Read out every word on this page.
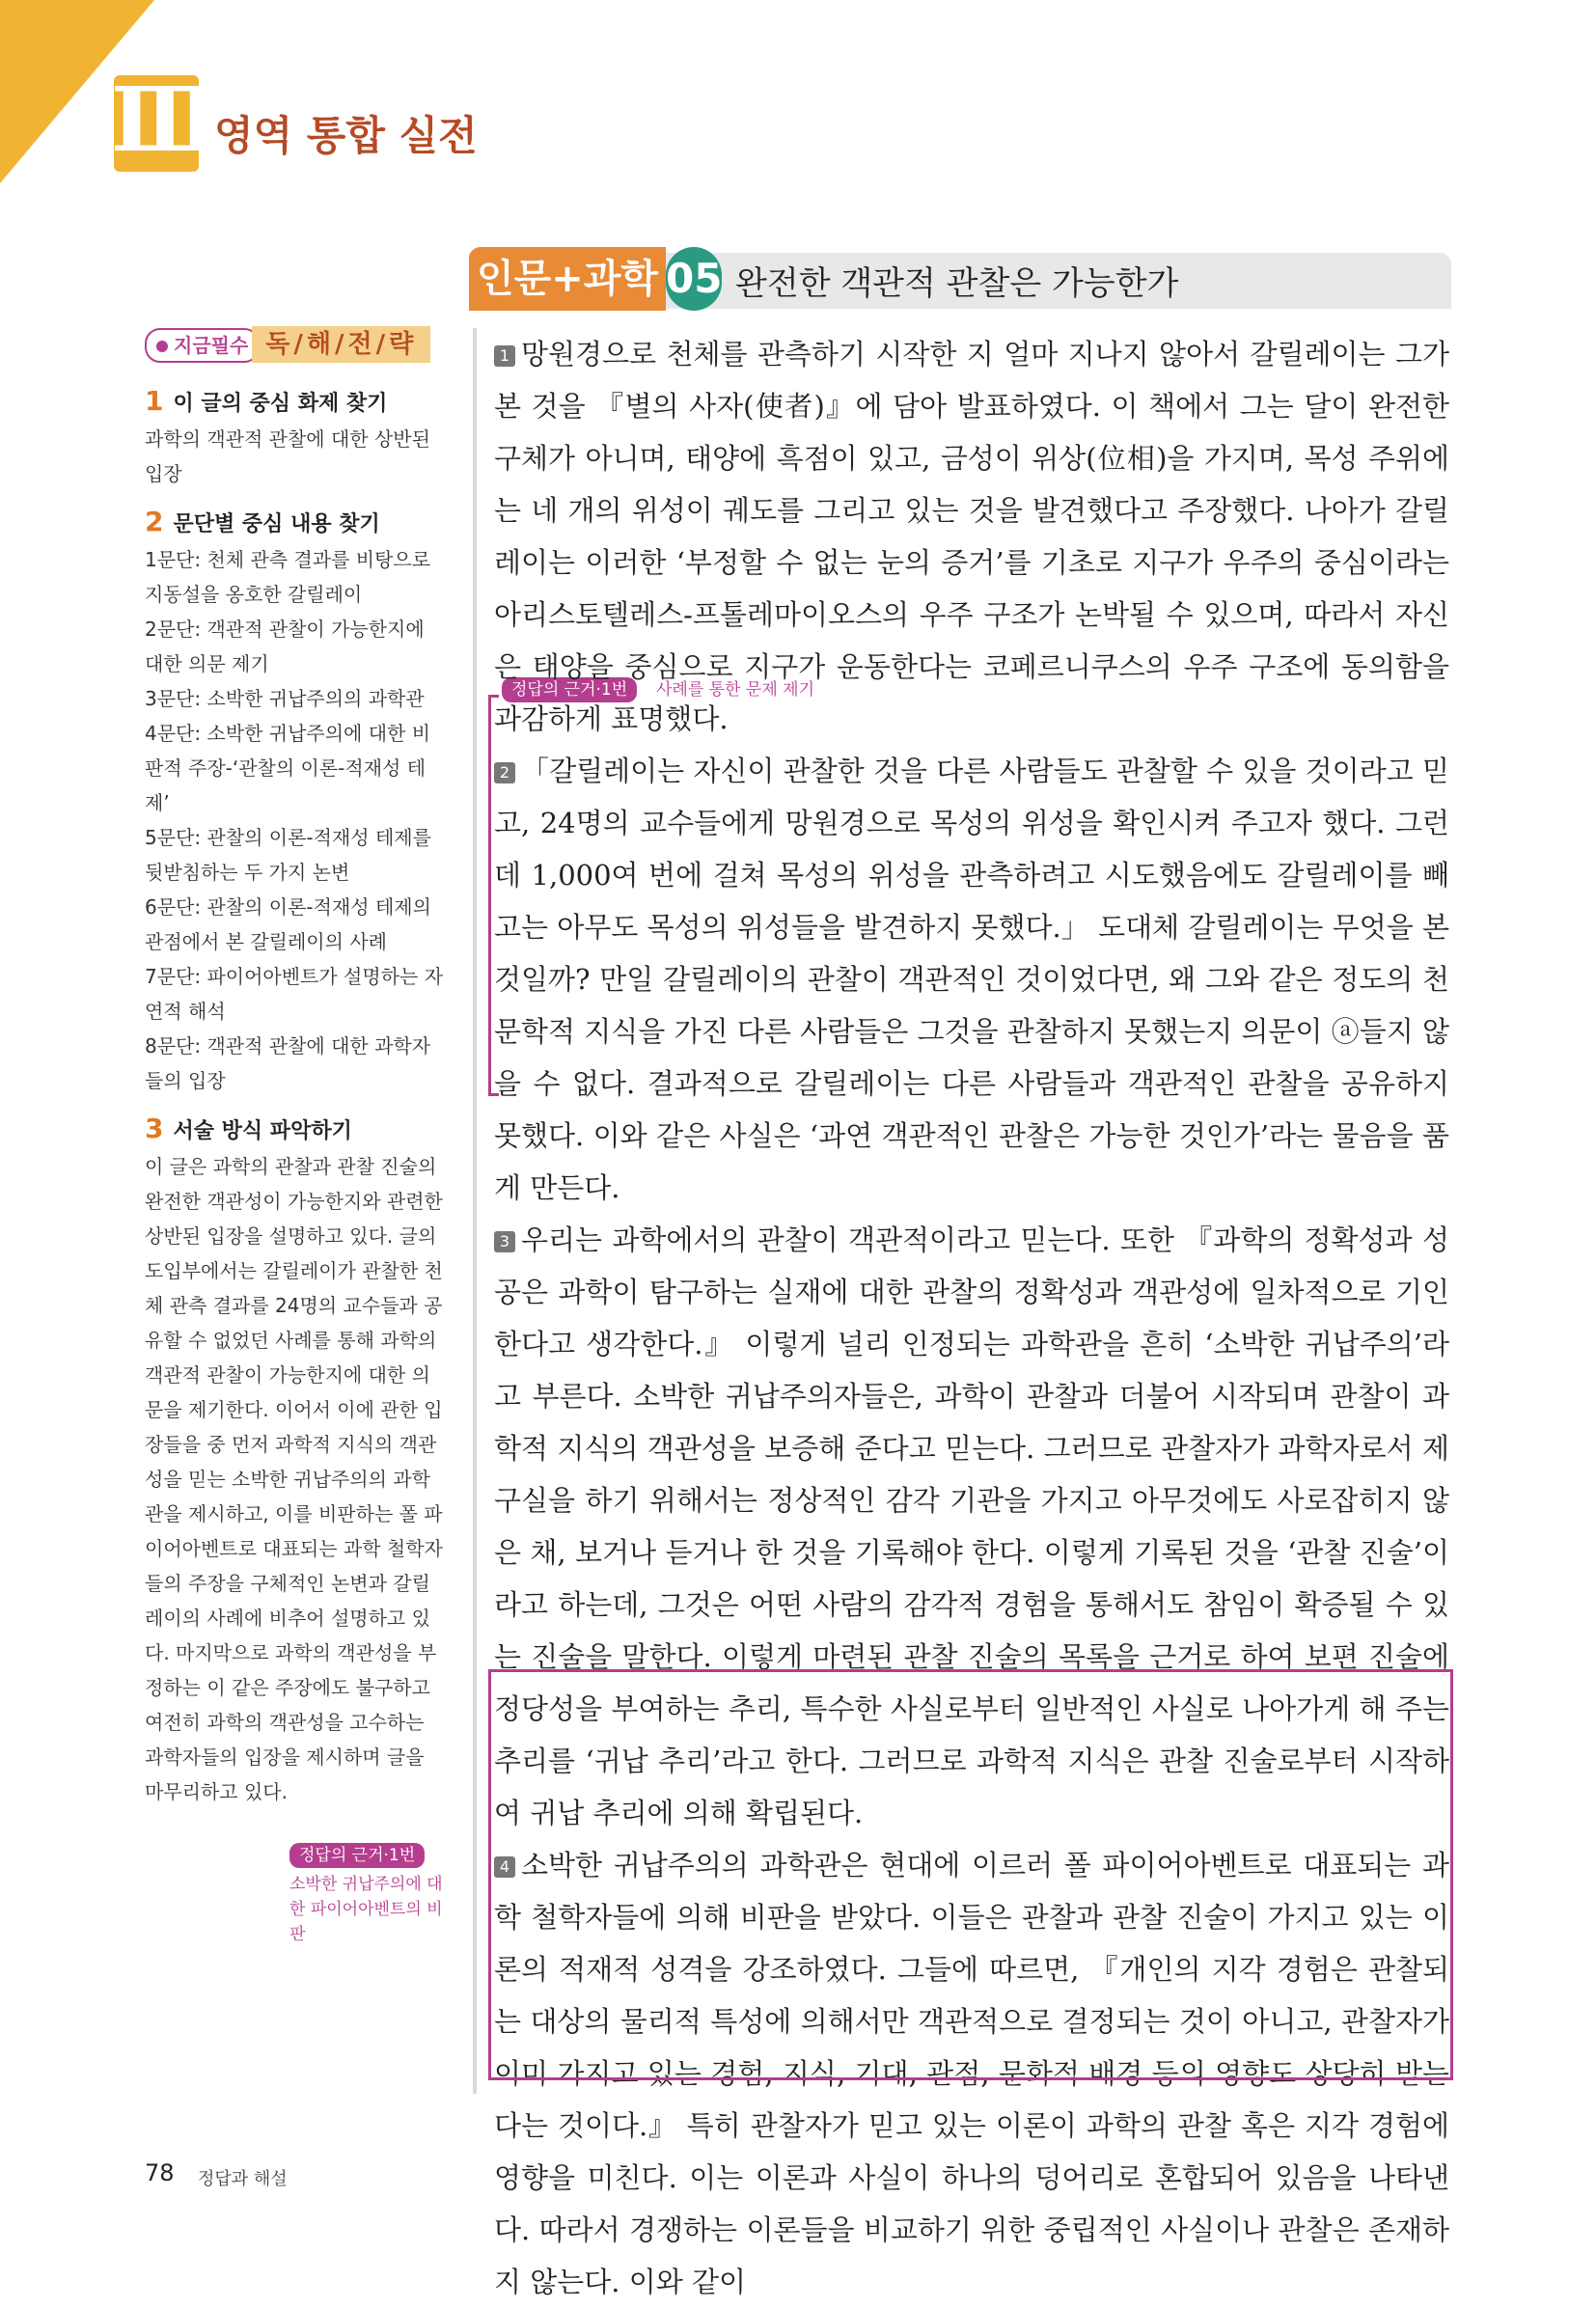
Ⅲ 영역 통합 실전
인문+과학 05 완전한 객관적 관찰은 가능한가
지금필수 독/해/전/략
1 이 글의 중심 화제 찾기

과학의 객관적 관찰에 대한 상반된 입장

2 문단별 중심 내용 찾기

1문단: 천체 관측 결과를 비탕으로 지동설을 옹호한 갈릴레이

2문단: 객관적 관찰이 가능한지에 대한 의문 제기

3문단: 소박한 귀납주의의 과학관

4문단: 소박한 귀납주의에 대한 비판적 주장-‘관찰의 이론-적재성 테제’

5문단: 관찰의 이론-적재성 테제를 뒷받침하는 두 가지 논변

6문단: 관찰의 이론-적재성 테제의 관점에서 본 갈릴레이의 사례

7문단: 파이어아벤트가 설명하는 자연적 해석

8문단: 객관적 관찰에 대한 과학자들의 입장

3 서술 방식 파악하기

이 글은 과학의 관찰과 관찰 진술의 완전한 객관성이 가능한지와 관련한 상반된 입장을 설명하고 있다. 글의 도입부에서는 갈릴레이가 관찰한 천체 관측 결과를 24명의 교수들과 공유할 수 없었던 사례를 통해 과학의 객관적 관찰이 가능한지에 대한 의문을 제기한다. 이어서 이에 관한 입장들을 중 먼저 과학적 지식의 객관성을 믿는 소박한 귀납주의의 과학관을 제시하고, 이를 비판하는 폴 파이어아벤트로 대표되는 과학 철학자들의 주장을 구체적인 논변과 갈릴레이의 사례에 비추어 설명하고 있다. 마지막으로 과학의 객관성을 부정하는 이 같은 주장에도 불구하고 여전히 과학의 객관성을 고수하는 과학자들의 입장을 제시하며 글을 마무리하고 있다.

정답의 근거·1번	사례를 통한 문제 제기
정답의 근거·1번
소박한 귀납주의에 대한 파이어아벤트의 비판

1 망원경으로 천체를 관측하기 시작한 지 얼마 지나지 않아서 갈릴레이는 그가 본 것을 『별의 사자(使者)』에 담아 발표하였다. 이 책에서 그는 달이 완전한 구체가 아니며, 태양에 흑점이 있고, 금성이 위상(位相)을 가지며, 목성 주위에는 네 개의 위성이 궤도를 그리고 있는 것을 발견했다고 주장했다. 나아가 갈릴레이는 이러한 ‘부정할 수 없는 눈의 증거’를 기초로 지구가 우주의 중심이라는 아리스토텔레스-프톨레마이오스의 우주 구조가 논박될 수 있으며, 따라서 자신은 태양을 중심으로 지구가 운동한다는 코페르니쿠스의 우주 구조에 동의함을 과감하게 표명했다.

2 「갈릴레이는 자신이 관찰한 것을 다른 사람들도 관찰할 수 있을 것이라고 믿고, 24명의 교수들에게 망원경으로 목성의 위성을 확인시켜 주고자 했다. 그런데 1,000여 번에 걸쳐 목성의 위성을 관측하려고 시도했음에도 갈릴레이를 빼고는 아무도 목성의 위성들을 발견하지 못했다.」 도대체 갈릴레이는 무엇을 본 것일까? 만일 갈릴레이의 관찰이 객관적인 것이었다면, 왜 그와 같은 정도의 천문학적 지식을 가진 다른 사람들은 그것을 관찰하지 못했는지 의문이 ⓐ들지 않을 수 없다. 결과적으로 갈릴레이는 다른 사람들과 객관적인 관찰을 공유하지 못했다. 이와 같은 사실은 ‘과연 객관적인 관찰은 가능한 것인가’라는 물음을 품게 만든다.

3 우리는 과학에서의 관찰이 객관적이라고 믿는다. 또한 『과학의 정확성과 성공은 과학이 탐구하는 실재에 대한 관찰의 정확성과 객관성에 일차적으로 기인한다고 생각한다.』 이렇게 널리 인정되는 과학관을 흔히 ‘소박한 귀납주의’라고 부른다. 소박한 귀납주의자들은, 과학이 관찰과 더불어 시작되며 관찰이 과학적 지식의 객관성을 보증해 준다고 믿는다. 그러므로 관찰자가 과학자로서 제구실을 하기 위해서는 정상적인 감각 기관을 가지고 아무것에도 사로잡히지 않은 채, 보거나 듣거나 한 것을 기록해야 한다. 이렇게 기록된 것을 ‘관찰 진술’이라고 하는데, 그것은 어떤 사람의 감각적 경험을 통해서도 참임이 확증될 수 있는 진술을 말한다. 이렇게 마련된 관찰 진술의 목록을 근거로 하여 보편 진술에 정당성을 부여하는 추리, 특수한 사실로부터 일반적인 사실로 나아가게 해 주는 추리를 ‘귀납 추리’라고 한다. 그러므로 과학적 지식은 관찰 진술로부터 시작하여 귀납 추리에 의해 확립된다.

4 소박한 귀납주의의 과학관은 현대에 이르러 폴 파이어아벤트로 대표되는 과학 철학자들에 의해 비판을 받았다. 이들은 관찰과 관찰 진술이 가지고 있는 이론의 적재적 성격을 강조하였다. 그들에 따르면, 『개인의 지각 경험은 관찰되는 대상의 물리적 특성에 의해서만 객관적으로 결정되는 것이 아니고, 관찰자가 이미 가지고 있는 경험, 지식, 기대, 관점, 문화적 배경 등의 영향도 상당히 받는다는 것이다.』 특히 관찰자가 믿고 있는 이론이 과학의 관찰 혹은 지각 경험에 영향을 미친다. 이는 이론과 사실이 하나의 덩어리로 혼합되어 있음을 나타낸다. 따라서 경쟁하는 이론들을 비교하기 위한 중립적인 사실이나 관찰은 존재하지 않는다. 이와 같이

78 정답과 해설
